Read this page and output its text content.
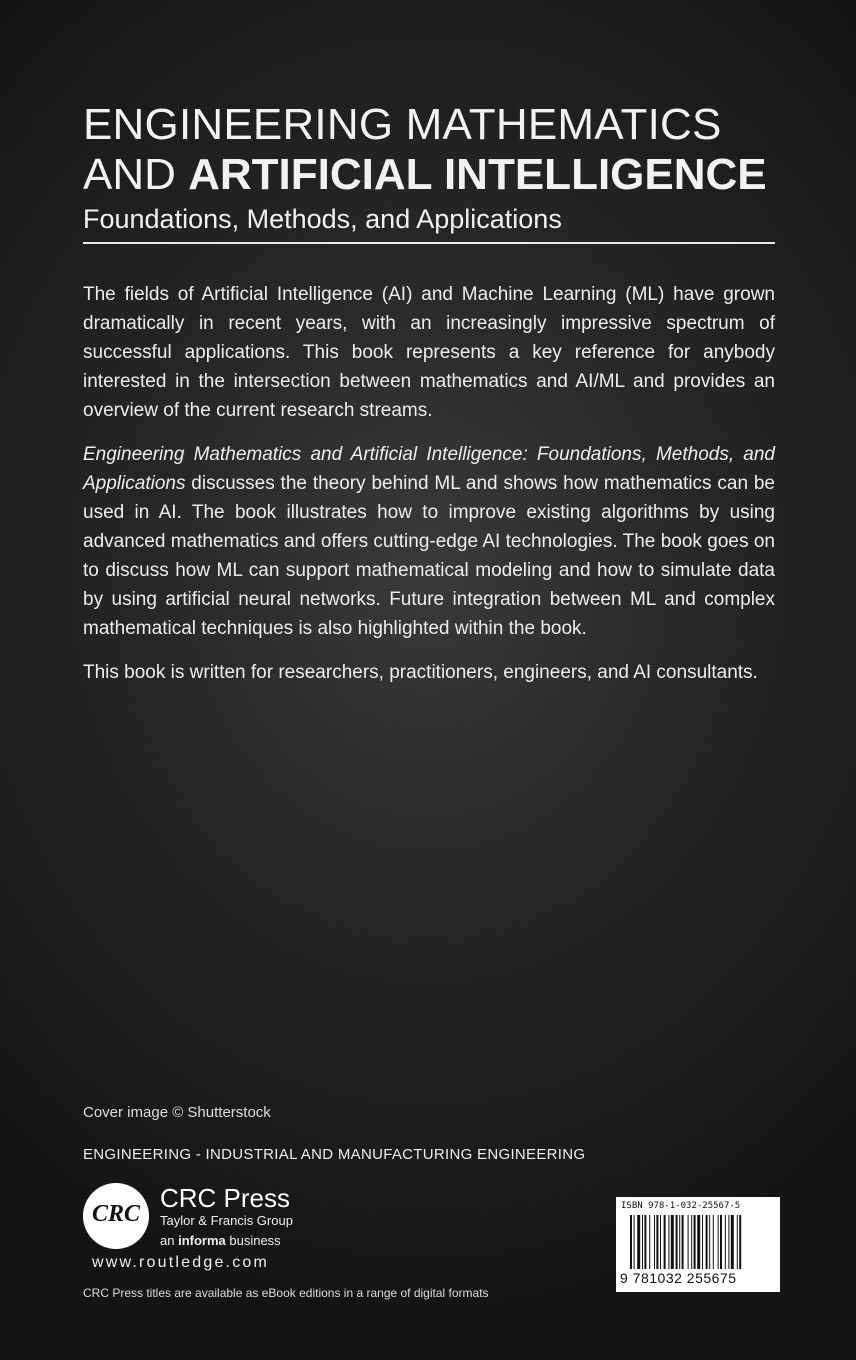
ENGINEERING MATHEMATICS
AND ARTIFICIAL INTELLIGENCE
Foundations, Methods, and Applications

The fields of Artificial Intelligence (AI) and Machine Learning (ML) have grown dramatically in recent years, with an increasingly impressive spectrum of successful applications. This book represents a key reference for anybody interested in the intersection between mathematics and AI/ML and provides an overview of the current research streams.

Engineering Mathematics and Artificial Intelligence: Foundations, Methods, and Applications discusses the theory behind ML and shows how mathematics can be used in AI. The book illustrates how to improve existing algorithms by using advanced mathematics and offers cutting-edge AI technologies. The book goes on to discuss how ML can support mathematical modeling and how to simulate data by using artificial neural networks. Future integration between ML and complex mathematical techniques is also highlighted within the book.

This book is written for researchers, practitioners, engineers, and AI consultants.

Cover image © Shutterstock
ENGINEERING - INDUSTRIAL AND MANUFACTURING ENGINEERING
CRC
CRC Press
Taylor & Francis Group
an informa business
www.routledge.com
CRC Press titles are available as eBook editions in a range of digital formats
ISBN 978-1-032-25567-5
9 781032 255675
